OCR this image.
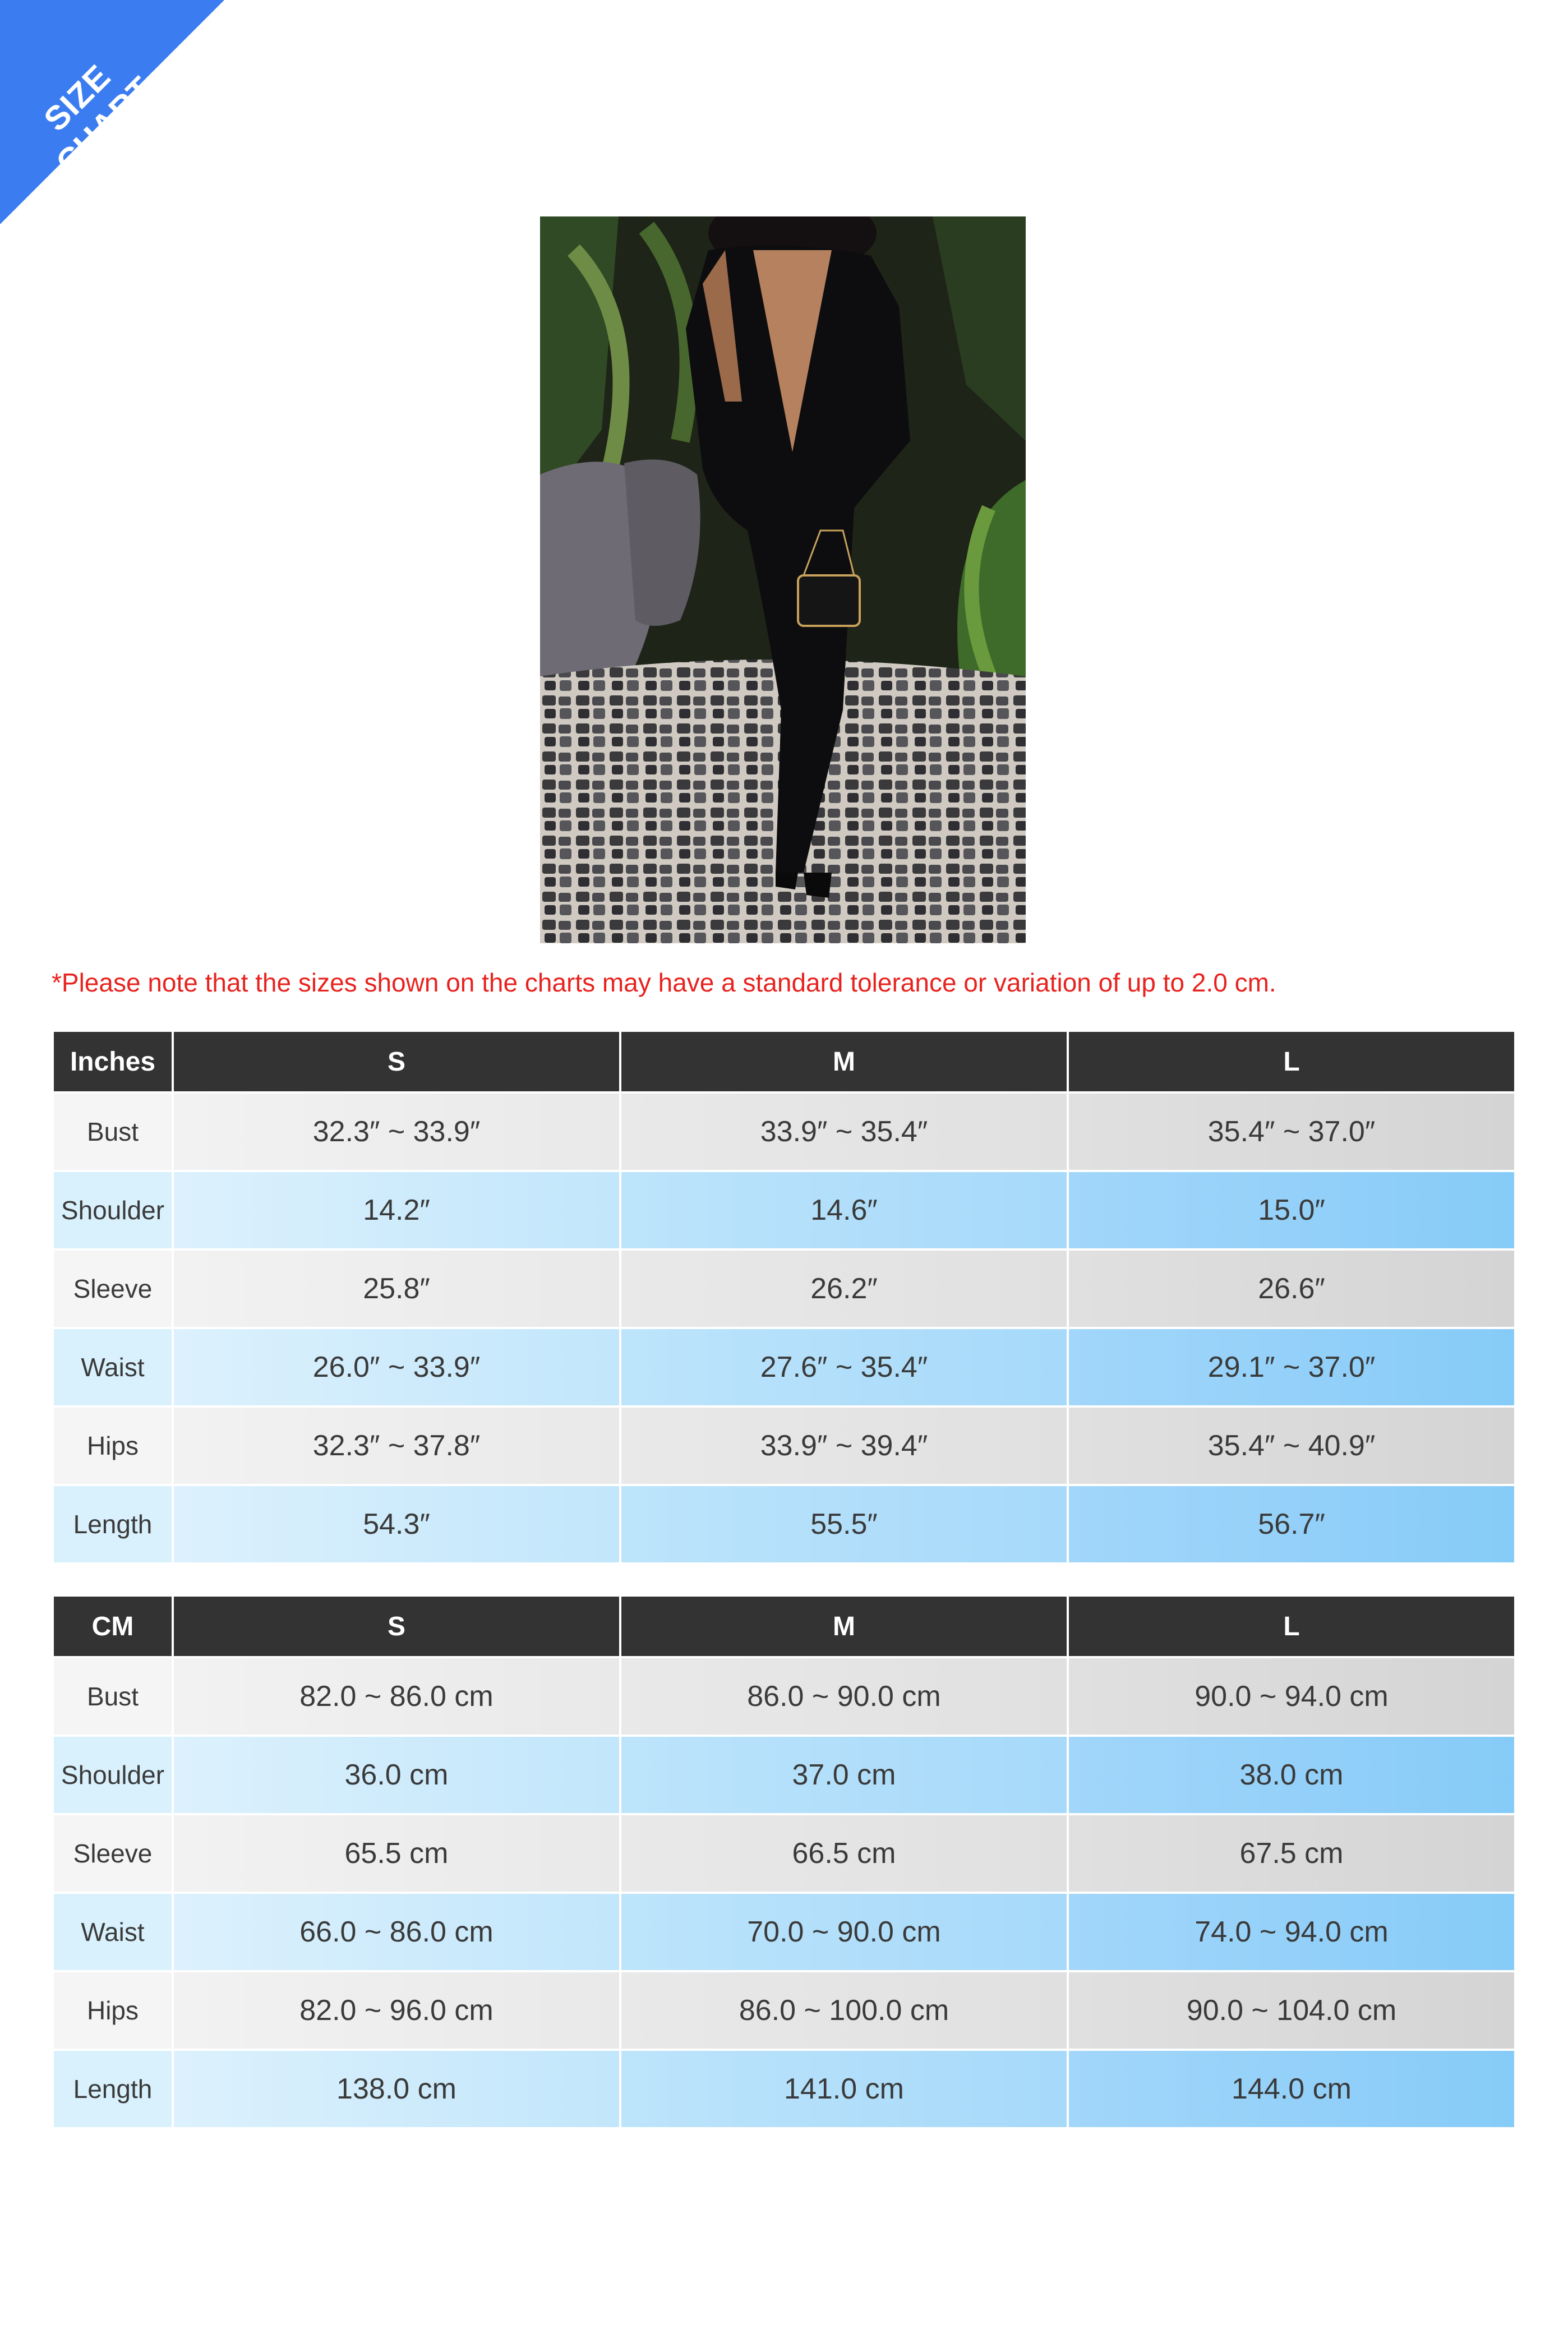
SIZE CHART
*Please note that the sizes shown on the charts may have a standard tolerance or variation of up to 2.0 cm.
Inches	S	M	L
Bust	32.3″ ~ 33.9″	33.9″ ~ 35.4″	35.4″ ~ 37.0″
Shoulder	14.2″	14.6″	15.0″
Sleeve	25.8″	26.2″	26.6″
Waist	26.0″ ~ 33.9″	27.6″ ~ 35.4″	29.1″ ~ 37.0″
Hips	32.3″ ~ 37.8″	33.9″ ~ 39.4″	35.4″ ~ 40.9″
Length	54.3″	55.5″	56.7″
CM	S	M	L
Bust	82.0 ~ 86.0 cm	86.0 ~ 90.0 cm	90.0 ~ 94.0 cm
Shoulder	36.0 cm	37.0 cm	38.0 cm
Sleeve	65.5 cm	66.5 cm	67.5 cm
Waist	66.0 ~ 86.0 cm	70.0 ~ 90.0 cm	74.0 ~ 94.0 cm
Hips	82.0 ~ 96.0 cm	86.0 ~ 100.0 cm	90.0 ~ 104.0 cm
Length	138.0 cm	141.0 cm	144.0 cm
